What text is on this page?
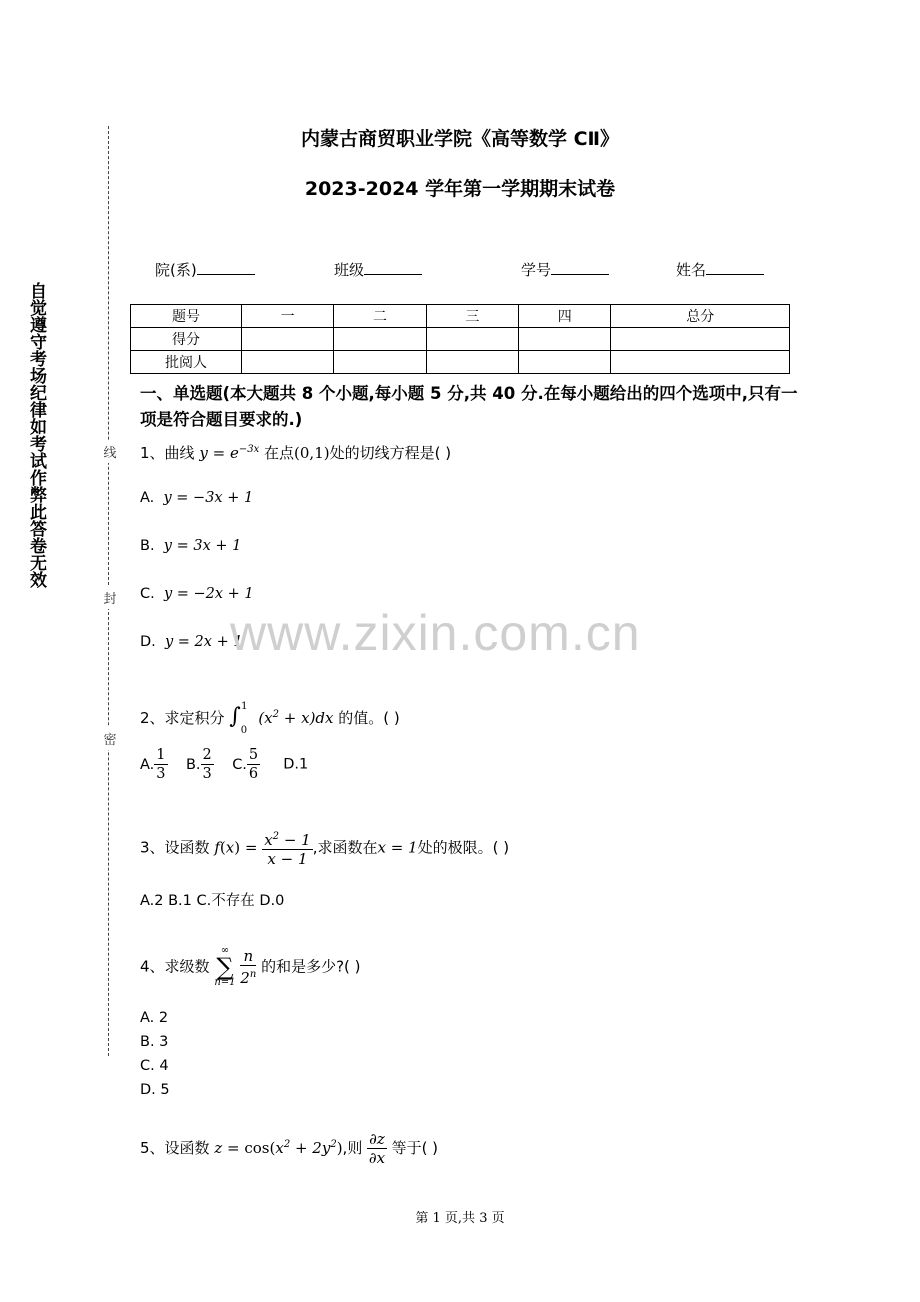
自觉遵守考场纪律如考试作弊此答卷无效	线
封
密
内蒙古商贸职业学院《高等数学 CⅡ》
2023-2024 学年第一学期期末试卷
院(系)	班级	学号	姓名
题号	一	二	三	四	总分
得分					
批阅人					
一、单选题(本大题共 8 个小题,每小题 5 分,共 40 分.在每小题给出的四个选项中,只有一项是符合题目要求的.)
1、曲线 $y = e^{-3x}$ 在点(0,1)处的切线方程是( )
A. y = −3x + 1
B. y = 3x + 1
C. y = −2x + 1
D. y = 2x + 1
2、求定积分 $\int_0^1$ $(x^2 + x)dx$ 的值。( )
A. $\frac{1}{3} B$. $\frac{2}{3} C$. $\frac{5}{6} D.1$
3、设函数 $f(x) = \frac{x^2 - 1}{x - 1}$ ,求函数在x = 1处的极限。( )
A.2 B.1 C.不存在 D.0
4、求级数
∞
∑
n=1
$\frac{n}{2^n}$ 的和是多少?( )
A. 2
B. 3
C. 4
D. 5
5、设函数 $z = \cos(x^2 + 2y^2)$,则 $\frac{\partial z}{\partial x}$ 等于( )
www.zixin.com.cn
第 1 页,共 3 页
